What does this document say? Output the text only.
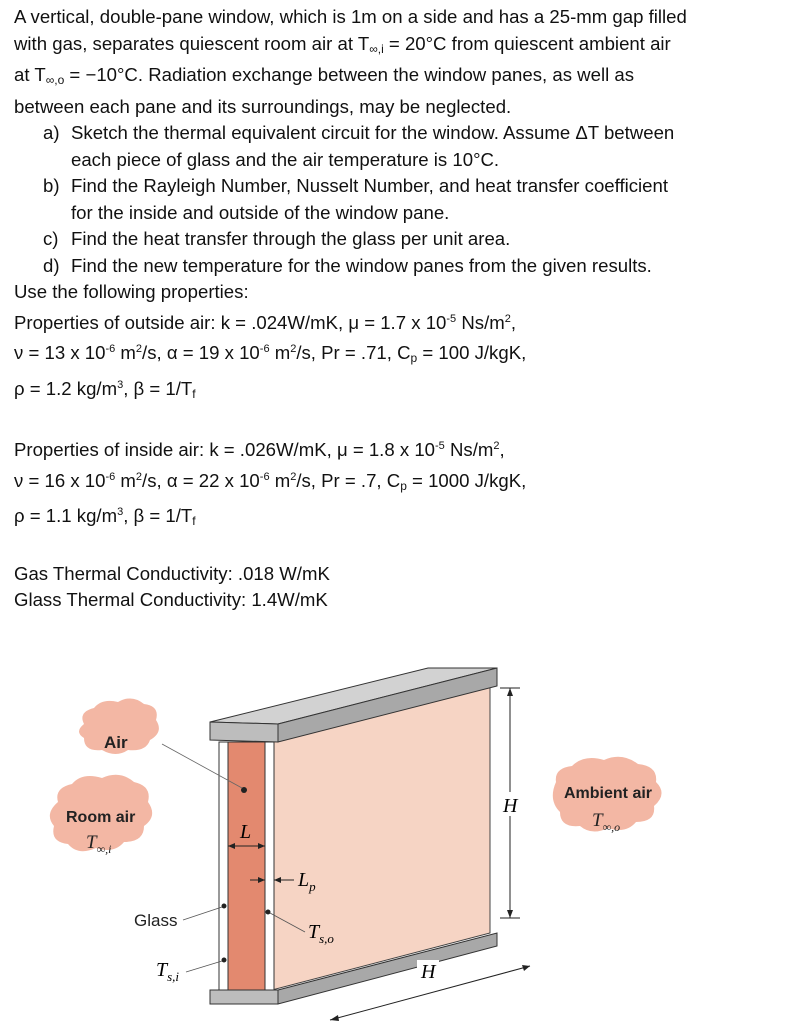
A vertical, double-pane window, which is 1m on a side and has a 25-mm gap filled
with gas, separates quiescent room air at $T_{\infty,i} = 20^\circ C$ from quiescent ambient air
at $T_{\infty,o} = -10^\circ C$. Radiation exchange between the window panes, as well as
between each pane and its surroundings, may be neglected.
a) Sketch the thermal equivalent circuit for the window. Assume ΔT between
each piece of glass and the air temperature is 10°C.
b) Find the Rayleigh Number, Nusselt Number, and heat transfer coefficient
for the inside and outside of the window pane.
c) Find the heat transfer through the glass per unit area.
d) Find the new temperature for the window panes from the given results.
Use the following properties:
Properties of outside air: k = .024W/mK, μ = 1.7 x $10^{-5}$ $Ns/m^2$,
ν = 13 x $10^{-6}$ $m^2/s$, α = 19 x $10^{-6}$ $m^2/s$, Pr = .71, $C_p = 100$ J/kgK,
ρ = 1.2 $kg/m^3$, $\beta = 1/T_f$
Properties of inside air: k = .026W/mK, μ = 1.8 x $10^{-5}$ $Ns/m^2$,
ν = 16 x $10^{-6}$ $m^2/s$, α = 22 x $10^{-6}$ $m^2/s$, Pr = .7, $C_p = 1000$ J/kgK,
ρ = 1.1 $kg/m^3$, $\beta = 1/T_f$
Gas Thermal Conductivity: .018 W/mK
Glass Thermal Conductivity: 1.4W/mK
L
$L_p$
H
H
$T_{s,o}$
Glass
$T_{s,i}$
Air
Room air
$T_{\infty,i}$
Ambient air
$T_{\infty,o}$
